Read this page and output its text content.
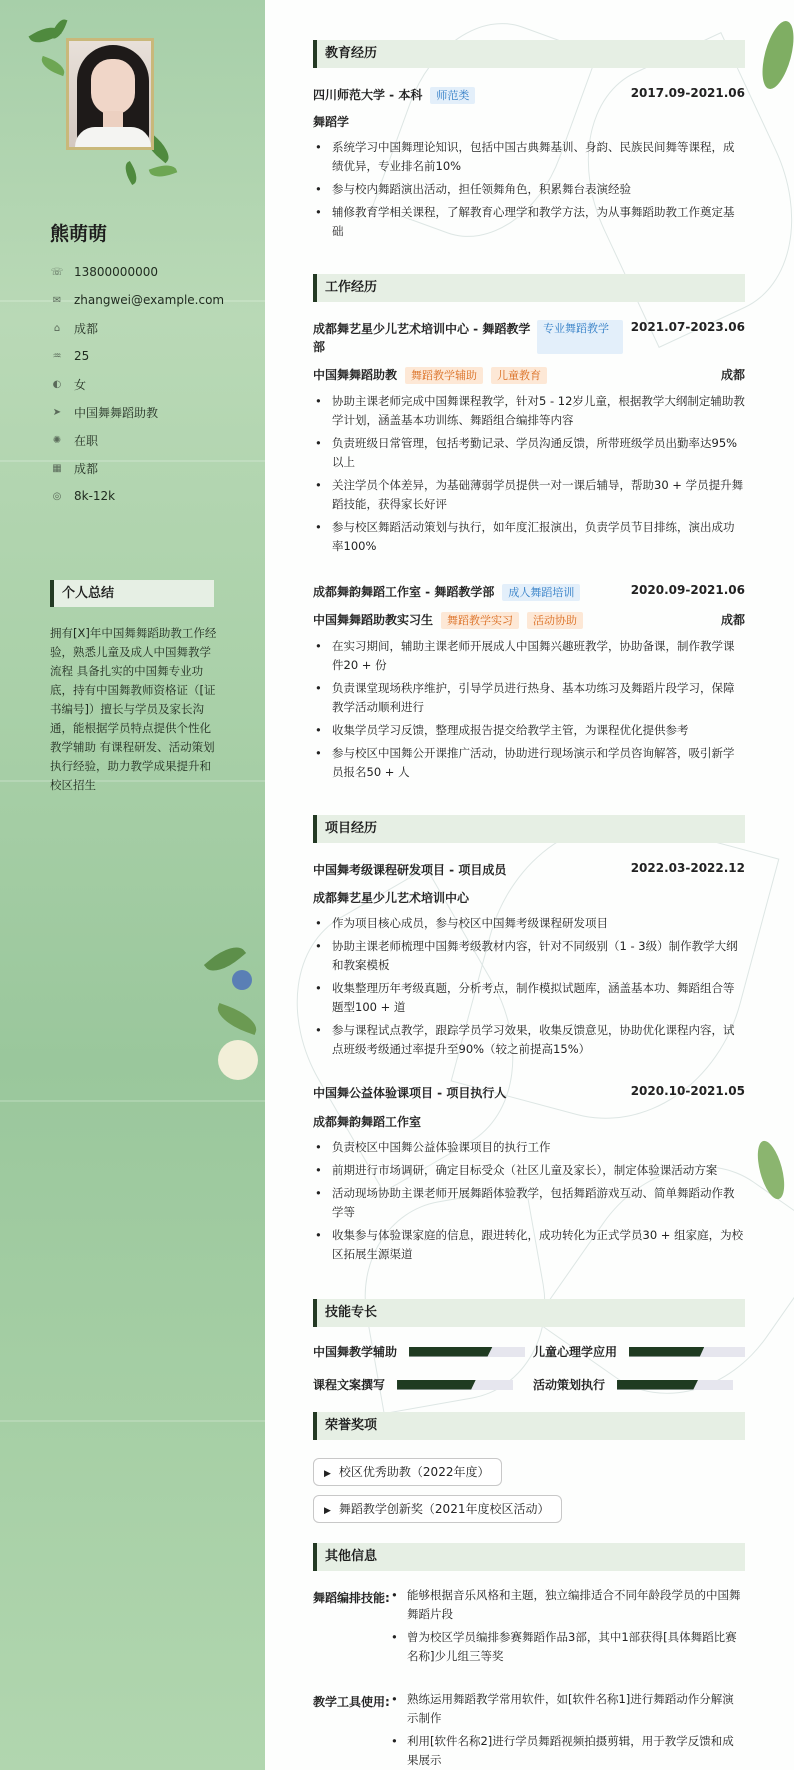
熊萌萌
☏ 13800000000
✉ zhangwei@example.com
⌂	成都
♒ 25
◐ 女
➤ 中国舞舞蹈助教
✺ 在职
▦ 成都
◎ 8k-12k
个人总结
拥有[X]年中国舞舞蹈助教工作经验，熟悉儿童及成人中国舞教学流程 具备扎实的中国舞专业功底，持有中国舞教师资格证（[证书编号]）擅长与学员及家长沟通，能根据学员特点提供个性化教学辅助 有课程研发、活动策划执行经验，助力教学成果提升和校区招生
教育经历
四川师范大学 - 本科 师范类	2017.09-2021.06
舞蹈学
• 系统学习中国舞理论知识，包括中国古典舞基训、身韵、民族民间舞等课程，成绩优异，专业排名前10%
• 参与校内舞蹈演出活动，担任领舞角色，积累舞台表演经验
• 辅修教育学相关课程，了解教育心理学和教学方法，为从事舞蹈助教工作奠定基础
工作经历
成都舞艺星少儿艺术培训中心 - 舞蹈教学部
专业舞蹈教学	2021.07-2023.06
中国舞舞蹈助教 舞蹈教学辅助 儿童教育	成都
• 协助主课老师完成中国舞课程教学，针对5 - 12岁儿童，根据教学大纲制定辅助教学计划，涵盖基本功训练、舞蹈组合编排等内容
• 负责班级日常管理，包括考勤记录、学员沟通反馈，所带班级学员出勤率达95%以上
• 关注学员个体差异，为基础薄弱学员提供一对一课后辅导，帮助30 + 学员提升舞蹈技能，获得家长好评
• 参与校区舞蹈活动策划与执行，如年度汇报演出，负责学员节目排练，演出成功率100%
成都舞韵舞蹈工作室 - 舞蹈教学部 成人舞蹈培训	2020.09-2021.06
中国舞舞蹈助教实习生 舞蹈教学实习 活动协助	成都
• 在实习期间，辅助主课老师开展成人中国舞兴趣班教学，协助备课，制作教学课件20 + 份
• 负责课堂现场秩序维护，引导学员进行热身、基本功练习及舞蹈片段学习，保障教学活动顺利进行
• 收集学员学习反馈，整理成报告提交给教学主管，为课程优化提供参考
• 参与校区中国舞公开课推广活动，协助进行现场演示和学员咨询解答，吸引新学员报名50 + 人
项目经历
中国舞考级课程研发项目 - 项目成员	2022.03-2022.12
成都舞艺星少儿艺术培训中心
• 作为项目核心成员，参与校区中国舞考级课程研发项目
• 协助主课老师梳理中国舞考级教材内容，针对不同级别（1 - 3级）制作教学大纲和教案模板
• 收集整理历年考级真题，分析考点，制作模拟试题库，涵盖基本功、舞蹈组合等题型100 + 道
• 参与课程试点教学，跟踪学员学习效果，收集反馈意见，协助优化课程内容，试点班级考级通过率提升至90%（较之前提高15%）
中国舞公益体验课项目 - 项目执行人	2020.10-2021.05
成都舞韵舞蹈工作室
• 负责校区中国舞公益体验课项目的执行工作
• 前期进行市场调研，确定目标受众（社区儿童及家长），制定体验课活动方案
• 活动现场协助主课老师开展舞蹈体验教学，包括舞蹈游戏互动、简单舞蹈动作教学等
• 收集参与体验课家庭的信息，跟进转化，成功转化为正式学员30 + 组家庭，为校区拓展生源渠道
技能专长
中国舞教学辅助	儿童心理学应用
课程文案撰写	活动策划执行
荣誉奖项
▶ 校区优秀助教（2022年度）
▶ 舞蹈教学创新奖（2021年度校区活动）
其他信息
舞蹈编排技能:	• 能够根据音乐风格和主题，独立编排适合不同年龄段学员的中国舞舞蹈片段
• 曾为校区学员编排参赛舞蹈作品3部，其中1部获得[具体舞蹈比赛名称]少儿组三等奖
教学工具使用:	• 熟练运用舞蹈教学常用软件，如[软件名称1]进行舞蹈动作分解演示制作
• 利用[软件名称2]进行学员舞蹈视频拍摄剪辑，用于教学反馈和成果展示
